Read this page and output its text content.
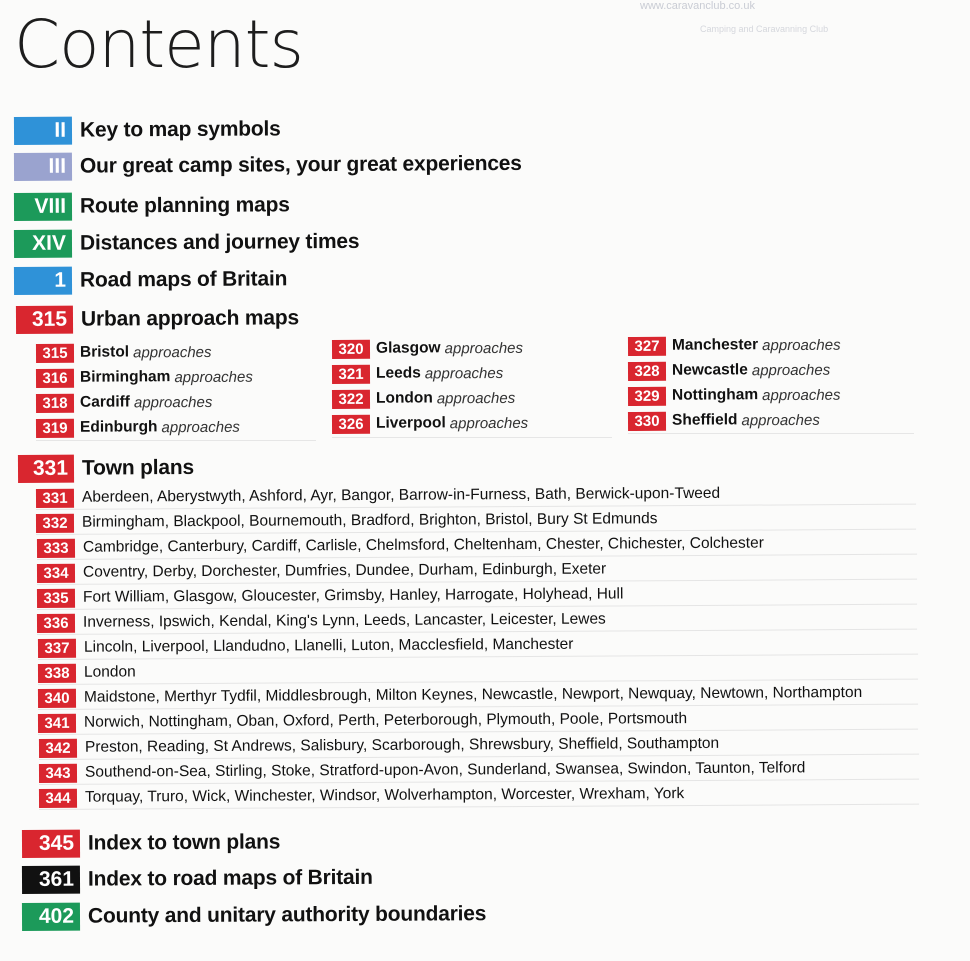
www.caravanclub.co.uk
Camping and Caravanning Club
Contents
II Key to map symbols
III Our great camp sites, your great experiences
VIII Route planning maps
XIV Distances and journey times
1 Road maps of Britain
315 Urban approach maps
315 Bristol approaches
316 Birmingham approaches
318 Cardiff approaches
319 Edinburgh approaches
320 Glasgow approaches
321 Leeds approaches
322 London approaches
326 Liverpool approaches
327 Manchester approaches
328 Newcastle approaches
329 Nottingham approaches
330 Sheffield approaches
331 Town plans
331 Aberdeen, Aberystwyth, Ashford, Ayr, Bangor, Barrow-in-Furness, Bath, Berwick-upon-Tweed
332 Birmingham, Blackpool, Bournemouth, Bradford, Brighton, Bristol, Bury St Edmunds
333 Cambridge, Canterbury, Cardiff, Carlisle, Chelmsford, Cheltenham, Chester, Chichester, Colchester
334 Coventry, Derby, Dorchester, Dumfries, Dundee, Durham, Edinburgh, Exeter
335 Fort William, Glasgow, Gloucester, Grimsby, Hanley, Harrogate, Holyhead, Hull
336 Inverness, Ipswich, Kendal, King's Lynn, Leeds, Lancaster, Leicester, Lewes
337 Lincoln, Liverpool, Llandudno, Llanelli, Luton, Macclesfield, Manchester
338 London
340 Maidstone, Merthyr Tydfil, Middlesbrough, Milton Keynes, Newcastle, Newport, Newquay, Newtown, Northampton
341 Norwich, Nottingham, Oban, Oxford, Perth, Peterborough, Plymouth, Poole, Portsmouth
342 Preston, Reading, St Andrews, Salisbury, Scarborough, Shrewsbury, Sheffield, Southampton
343 Southend-on-Sea, Stirling, Stoke, Stratford-upon-Avon, Sunderland, Swansea, Swindon, Taunton, Telford
344 Torquay, Truro, Wick, Winchester, Windsor, Wolverhampton, Worcester, Wrexham, York
345 Index to town plans
361 Index to road maps of Britain
402 County and unitary authority boundaries
